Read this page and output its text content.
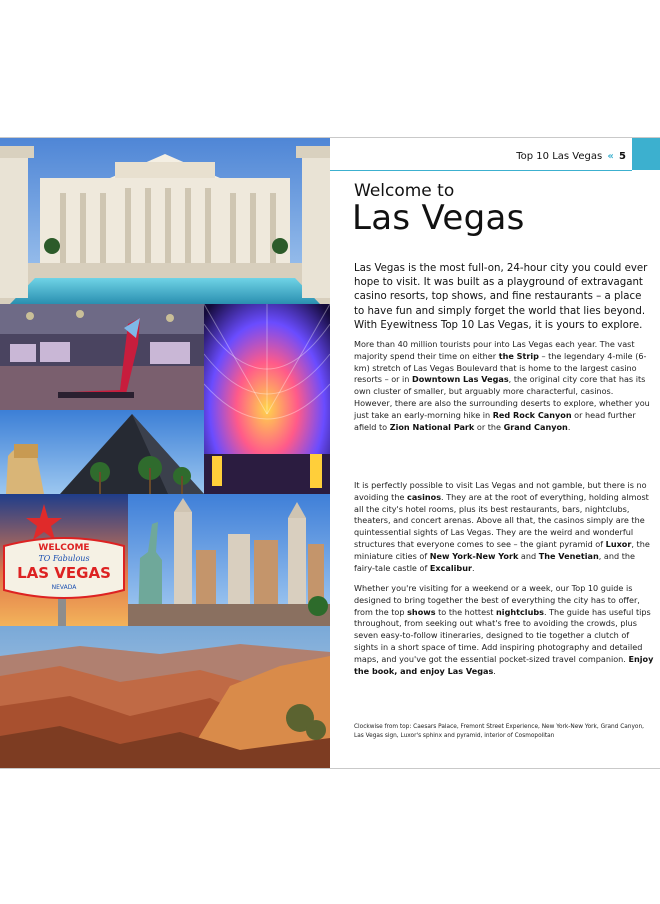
WELCOME
TO Fabulous
LAS VEGAS
NEVADA
Top 10 Las Vegas « 5
Welcome to
Las Vegas
Las Vegas is the most full-on, 24-hour city you could ever hope to visit. It was built as a playground of extravagant casino resorts, top shows, and fine restaurants – a place to have fun and simply forget the world that lies beyond. With Eyewitness Top 10 Las Vegas, it is yours to explore.
More than 40 million tourists pour into Las Vegas each year. The vast majority spend their time on either the Strip – the legendary 4-mile (6-km) stretch of Las Vegas Boulevard that is home to the largest casino resorts – or in Downtown Las Vegas, the original city core that has its own cluster of smaller, but arguably more characterful, casinos. However, there are also the surrounding deserts to explore, whether you just take an early-morning hike in Red Rock Canyon or head further afield to Zion National Park or the Grand Canyon.
It is perfectly possible to visit Las Vegas and not gamble, but there is no avoiding the casinos. They are at the root of everything, holding almost all the city's hotel rooms, plus its best restaurants, bars, nightclubs, theaters, and concert arenas. Above all that, the casinos simply are the quintessential sights of Las Vegas. They are the weird and wonderful structures that everyone comes to see – the giant pyramid of Luxor, the miniature cities of New York-New York and The Venetian, and the fairy-tale castle of Excalibur.
Whether you're visiting for a weekend or a week, our Top 10 guide is designed to bring together the best of everything the city has to offer, from the top shows to the hottest nightclubs. The guide has useful tips throughout, from seeking out what's free to avoiding the crowds, plus seven easy-to-follow itineraries, designed to tie together a clutch of sights in a short space of time. Add inspiring photography and detailed maps, and you've got the essential pocket-sized travel companion. Enjoy the book, and enjoy Las Vegas.
Clockwise from top: Caesars Palace, Fremont Street Experience, New York-New York, Grand Canyon, Las Vegas sign, Luxor's sphinx and pyramid, interior of Cosmopolitan
